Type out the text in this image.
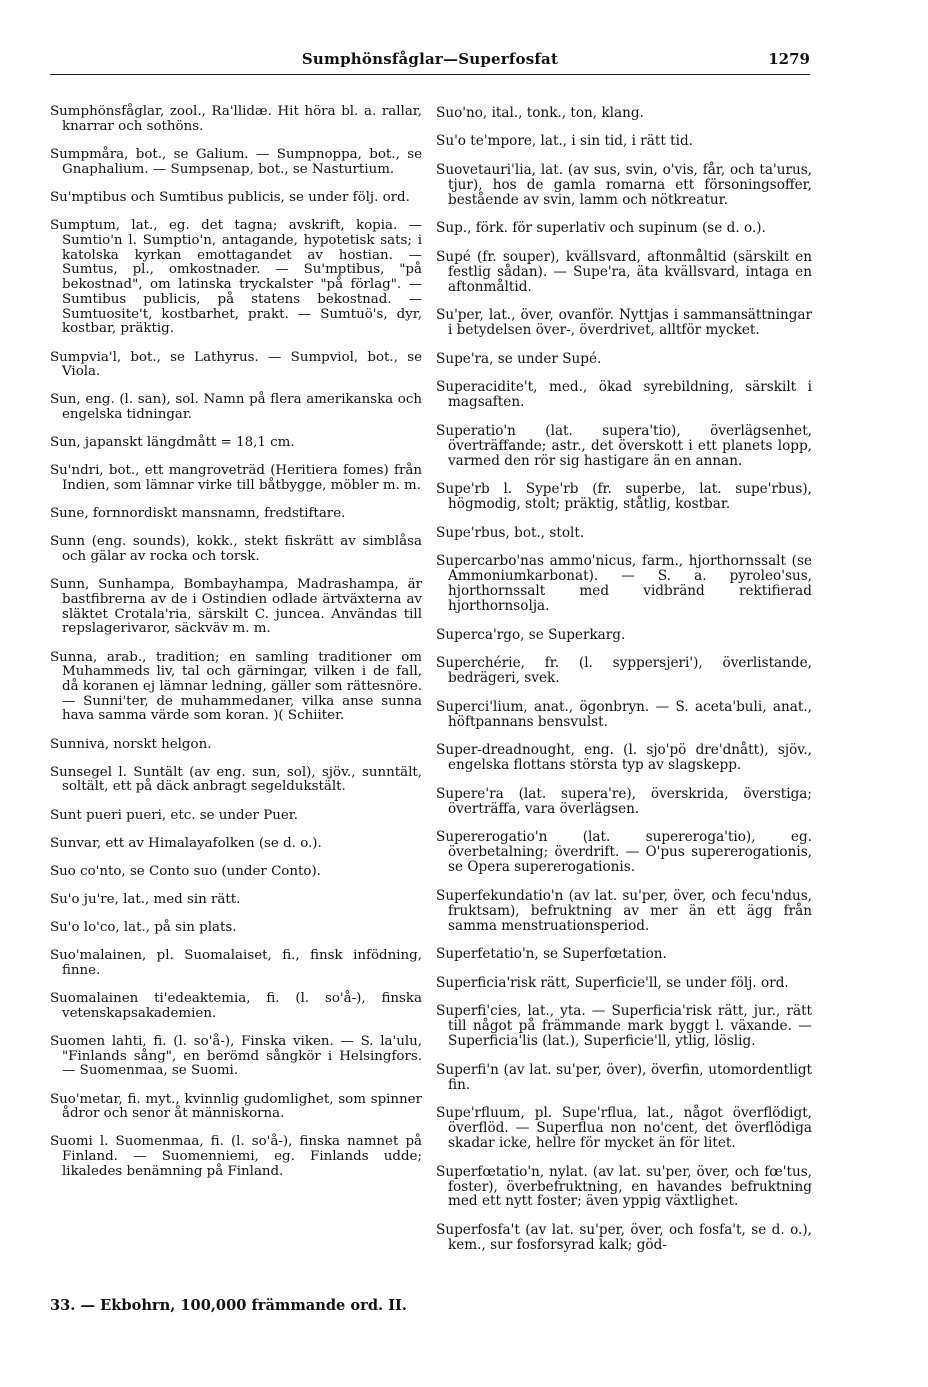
Sumphönsfåglar—Superfosfat	1279

Sumphönsfåglar, zool., Ra'llidæ. Hit höra bl. a. rallar, knarrar och sothöns.

Sumpmåra, bot., se Galium. — Sumpnoppa, bot., se Gnaphalium. — Sumpsenap, bot., se Nasturtium.

Su'mptibus och Sumtibus publicis, se under följ. ord.

Sumptum, lat., eg. det tagna; avskrift, kopia. — Sumtio'n l. Sumptio'n, antagande, hypotetisk sats; i katolska kyrkan emottagandet av hostian. — Sumtus, pl., omkostnader. — Su'mptibus, "på bekostnad", om latinska tryckalster "på förlag". — Sumtibus publicis, på statens bekostnad. — Sumtuosite't, kostbarhet, prakt. — Sumtuö's, dyr, kostbar, präktig.

Sumpvia'l, bot., se Lathyrus. — Sumpviol, bot., se Viola.

Sun, eng. (l. san), sol. Namn på flera amerikanska och engelska tidningar.

Sun, japanskt längdmått = 18,1 cm.

Su'ndri, bot., ett mangroveträd (Heritiera fomes) från Indien, som lämnar virke till båtbygge, möbler m. m.

Sune, fornnordiskt mansnamn, fredstiftare.

Sunn (eng. sounds), kokk., stekt fiskrätt av simblåsa och gälar av rocka och torsk.

Sunn, Sunhampa, Bombayhampa, Madrashampa, är bastfibrerna av de i Ostindien odlade ärtväxterna av släktet Crotala'ria, särskilt C. juncea. Användas till repslagerivaror, säckväv m. m.

Sunna, arab., tradition; en samling traditioner om Muhammeds liv, tal och gärningar, vilken i de fall, då koranen ej lämnar ledning, gäller som rättesnöre. — Sunni'ter, de muhammedaner, vilka anse sunna hava samma värde som koran. )( Schiiter.

Sunniva, norskt helgon.

Sunsegel l. Suntält (av eng. sun, sol), sjöv., sunntält, soltält, ett på däck anbragt segeldukstält.

Sunt pueri pueri, etc. se under Puer.

Sunvar, ett av Himalayafolken (se d. o.).

Suo co'nto, se Conto suo (under Conto).

Su'o ju're, lat., med sin rätt.

Su'o lo'co, lat., på sin plats.

Suo'malainen, pl. Suomalaiset, fi., finsk infödning, finne.

Suomalainen ti'edeaktemia, fi. (l. so'å-), finska vetenskapsakademien.

Suomen lahti, fi. (l. so'å-), Finska viken. — S. la'ulu, "Finlands sång", en berömd sångkör i Helsingfors. — Suomenmaa, se Suomi.

Suo'metar, fi. myt., kvinnlig gudomlighet, som spinner ådror och senor åt människorna.

Suomi l. Suomenmaa, fi. (l. so'å-), finska namnet på Finland. — Suomenniemi, eg. Finlands udde; likaledes benämning på Finland.

Suo'no, ital., tonk., ton, klang.

Su'o te'mpore, lat., i sin tid, i rätt tid.

Suovetauri'lia, lat. (av sus, svin, o'vis, får, och ta'urus, tjur), hos de gamla romarna ett försoningsoffer, bestående av svin, lamm och nötkreatur.

Sup., förk. för superlativ och supinum (se d. o.).

Supé (fr. souper), kvällsvard, aftonmåltid (särskilt en festlig sådan). — Supe'ra, äta kvällsvard, intaga en aftonmåltid.

Su'per, lat., över, ovanför. Nyttjas i sammansättningar i betydelsen över-, överdrivet, alltför mycket.

Supe'ra, se under Supé.

Superacidite't, med., ökad syrebildning, särskilt i magsaften.

Superatio'n (lat. supera'tio), överlägsenhet, överträffande; astr., det överskott i ett planets lopp, varmed den rör sig hastigare än en annan.

Supe'rb l. Sype'rb (fr. superbe, lat. supe'rbus), högmodig, stolt; präktig, ståtlig, kostbar.

Supe'rbus, bot., stolt.

Supercarbo'nas ammo'nicus, farm., hjorthornssalt (se Ammoniumkarbonat). — S. a. pyroleo'sus, hjorthornssalt med vidbränd rektifierad hjorthornsolja.

Superca'rgo, se Superkarg.

Superchérie, fr. (l. syppersjeri'), överlistande, bedrägeri, svek.

Superci'lium, anat., ögonbryn. — S. aceta'buli, anat., höftpannans bensvulst.

Super-dreadnought, eng. (l. sjo'pö dre'dnått), sjöv., engelska flottans största typ av slagskepp.

Supere'ra (lat. supera're), överskrida, överstiga; överträffa, vara överlägsen.

Supererogatio'n (lat. supereroga'tio), eg. överbetalning; överdrift. — O'pus supererogationis, se Opera supererogationis.

Superfekundatio'n (av lat. su'per, över, och fecu'ndus, fruktsam), befruktning av mer än ett ägg från samma menstruationsperiod.

Superfetatio'n, se Superfœtation.

Superficia'risk rätt, Superficie'll, se under följ. ord.

Superfi'cies, lat., yta. — Superficia'risk rätt, jur., rätt till något på främmande mark byggt l. växande. — Superficia'lis (lat.), Superficie'll, ytlig, löslig.

Superfi'n (av lat. su'per, över), överfin, utomordentligt fin.

Supe'rfluum, pl. Supe'rflua, lat., något överflödigt, överflöd. — Superflua non no'cent, det överflödiga skadar icke, hellre för mycket än för litet.

Superfœtatio'n, nylat. (av lat. su'per, över, och fœ'tus, foster), överbefruktning, en havandes befruktning med ett nytt foster; även yppig växtlighet.

Superfosfa't (av lat. su'per, över, och fosfa't, se d. o.), kem., sur fosforsyrad kalk; göd-

33. — Ekbohrn, 100,000 främmande ord. II.
